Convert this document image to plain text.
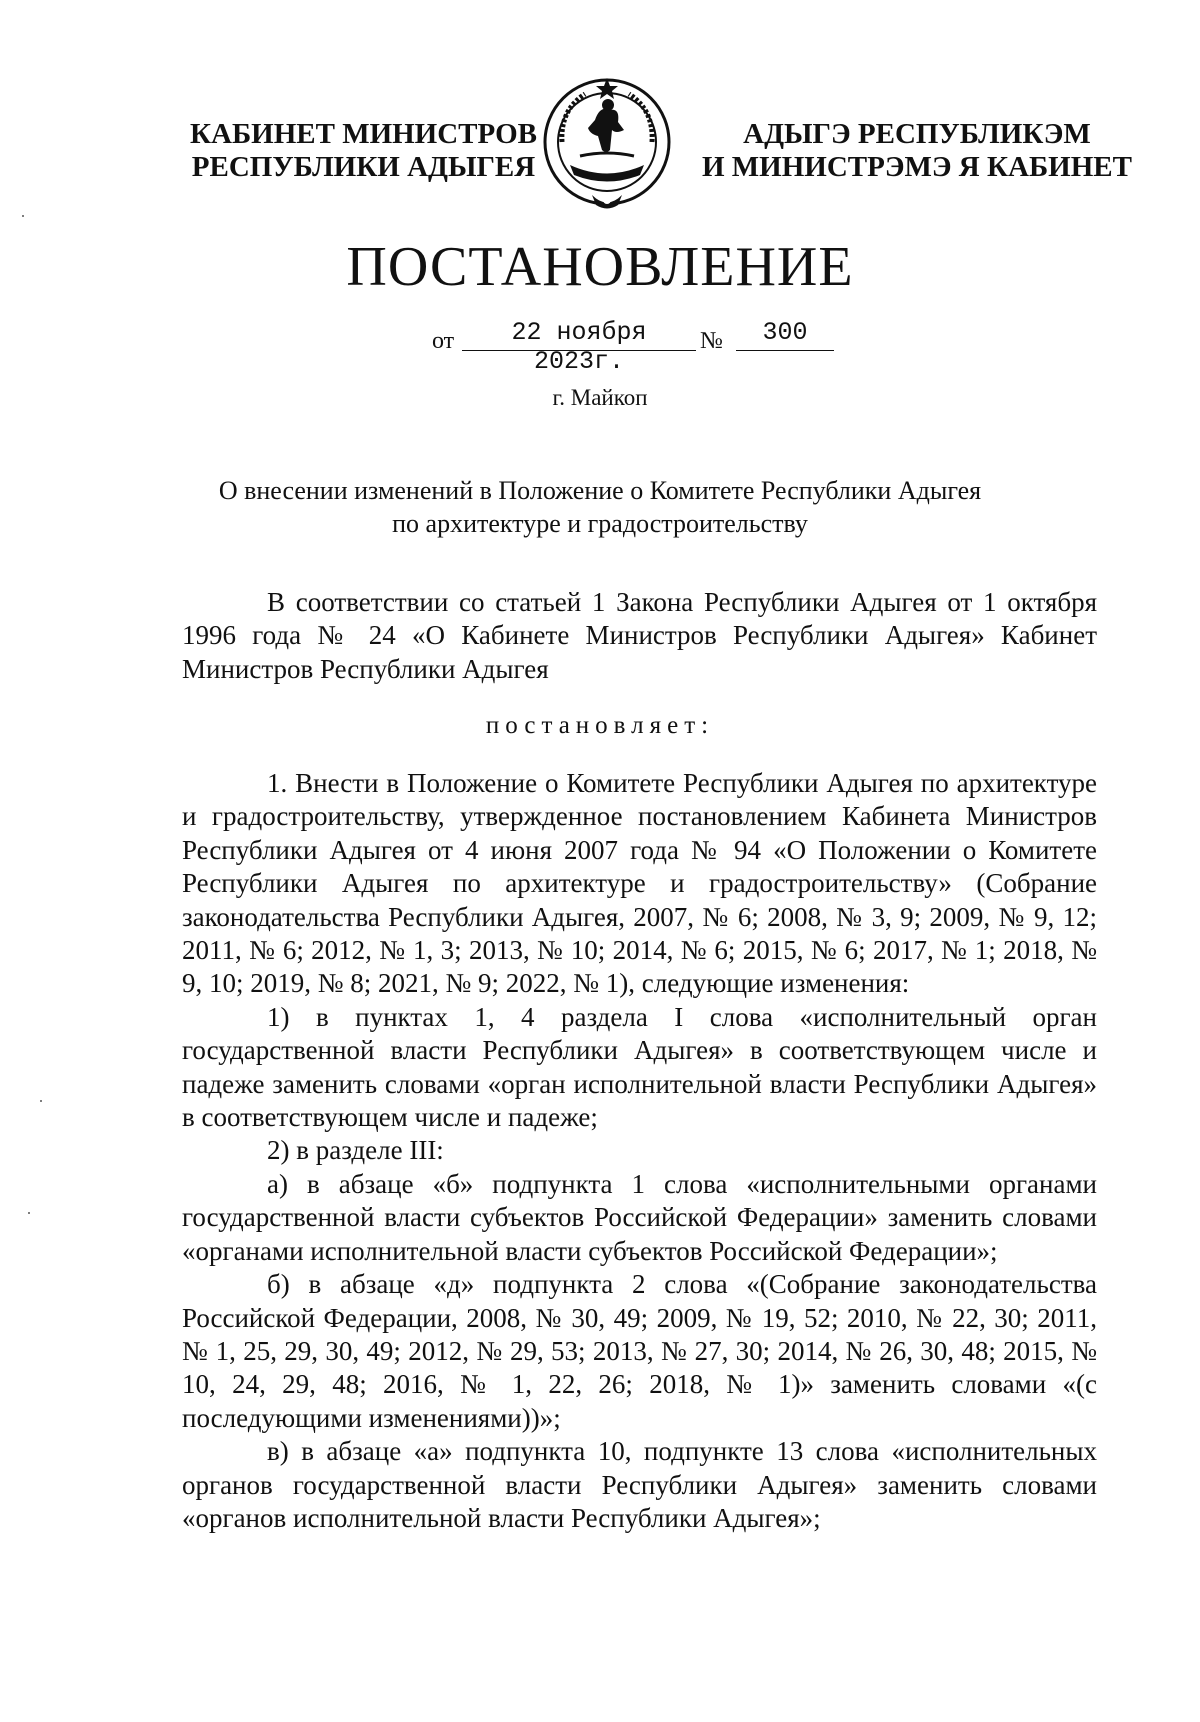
КАБИНЕТ МИНИСТРОВ
РЕСПУБЛИКИ АДЫГЕЯ
АДЫГЭ РЕСПУБЛИКЭМ
И МИНИСТРЭМЭ Я КАБИНЕТ
ПОСТАНОВЛЕНИЕ
от	22 ноября 2023г.
№	300
г. Майкоп
О внесении изменений в Положение о Комитете Республики Адыгея
по архитектуре и градостроительству

В соответствии со статьей 1 Закона Республики Адыгея от 1 октября 1996 года № 24 «О Кабинете Министров Республики Адыгея» Кабинет Министров Республики Адыгея

постановляет:

1. Внести в Положение о Комитете Республики Адыгея по архитектуре и градостроительству, утвержденное постановлением Кабинета Министров Республики Адыгея от 4 июня 2007 года № 94 «О Положении о Комитете Республики Адыгея по архитектуре и градостроительству» (Собрание законодательства Республики Адыгея, 2007, № 6; 2008, № 3, 9; 2009, № 9, 12; 2011, № 6; 2012, № 1, 3; 2013, № 10; 2014, № 6; 2015, № 6; 2017, № 1; 2018, № 9, 10; 2019, № 8; 2021, № 9; 2022, № 1), следующие изменения:

1) в пунктах 1, 4 раздела I слова «исполнительный орган государственной власти Республики Адыгея» в соответствующем числе и падеже заменить словами «орган исполнительной власти Республики Адыгея» в соответствующем числе и падеже;

2) в разделе III:

а) в абзаце «б» подпункта 1 слова «исполнительными органами государственной власти субъектов Российской Федерации» заменить словами «органами исполнительной власти субъектов Российской Федерации»;

б) в абзаце «д» подпункта 2 слова «(Собрание законодательства Российской Федерации, 2008, № 30, 49; 2009, № 19, 52; 2010, № 22, 30; 2011, № 1, 25, 29, 30, 49; 2012, № 29, 53; 2013, № 27, 30; 2014, № 26, 30, 48; 2015, № 10, 24, 29, 48; 2016, № 1, 22, 26; 2018, № 1)» заменить словами «(с последующими изменениями))»;

в) в абзаце «а» подпункта 10, подпункте 13 слова «исполнительных органов государственной власти Республики Адыгея» заменить словами «органов исполнительной власти Республики Адыгея»;
